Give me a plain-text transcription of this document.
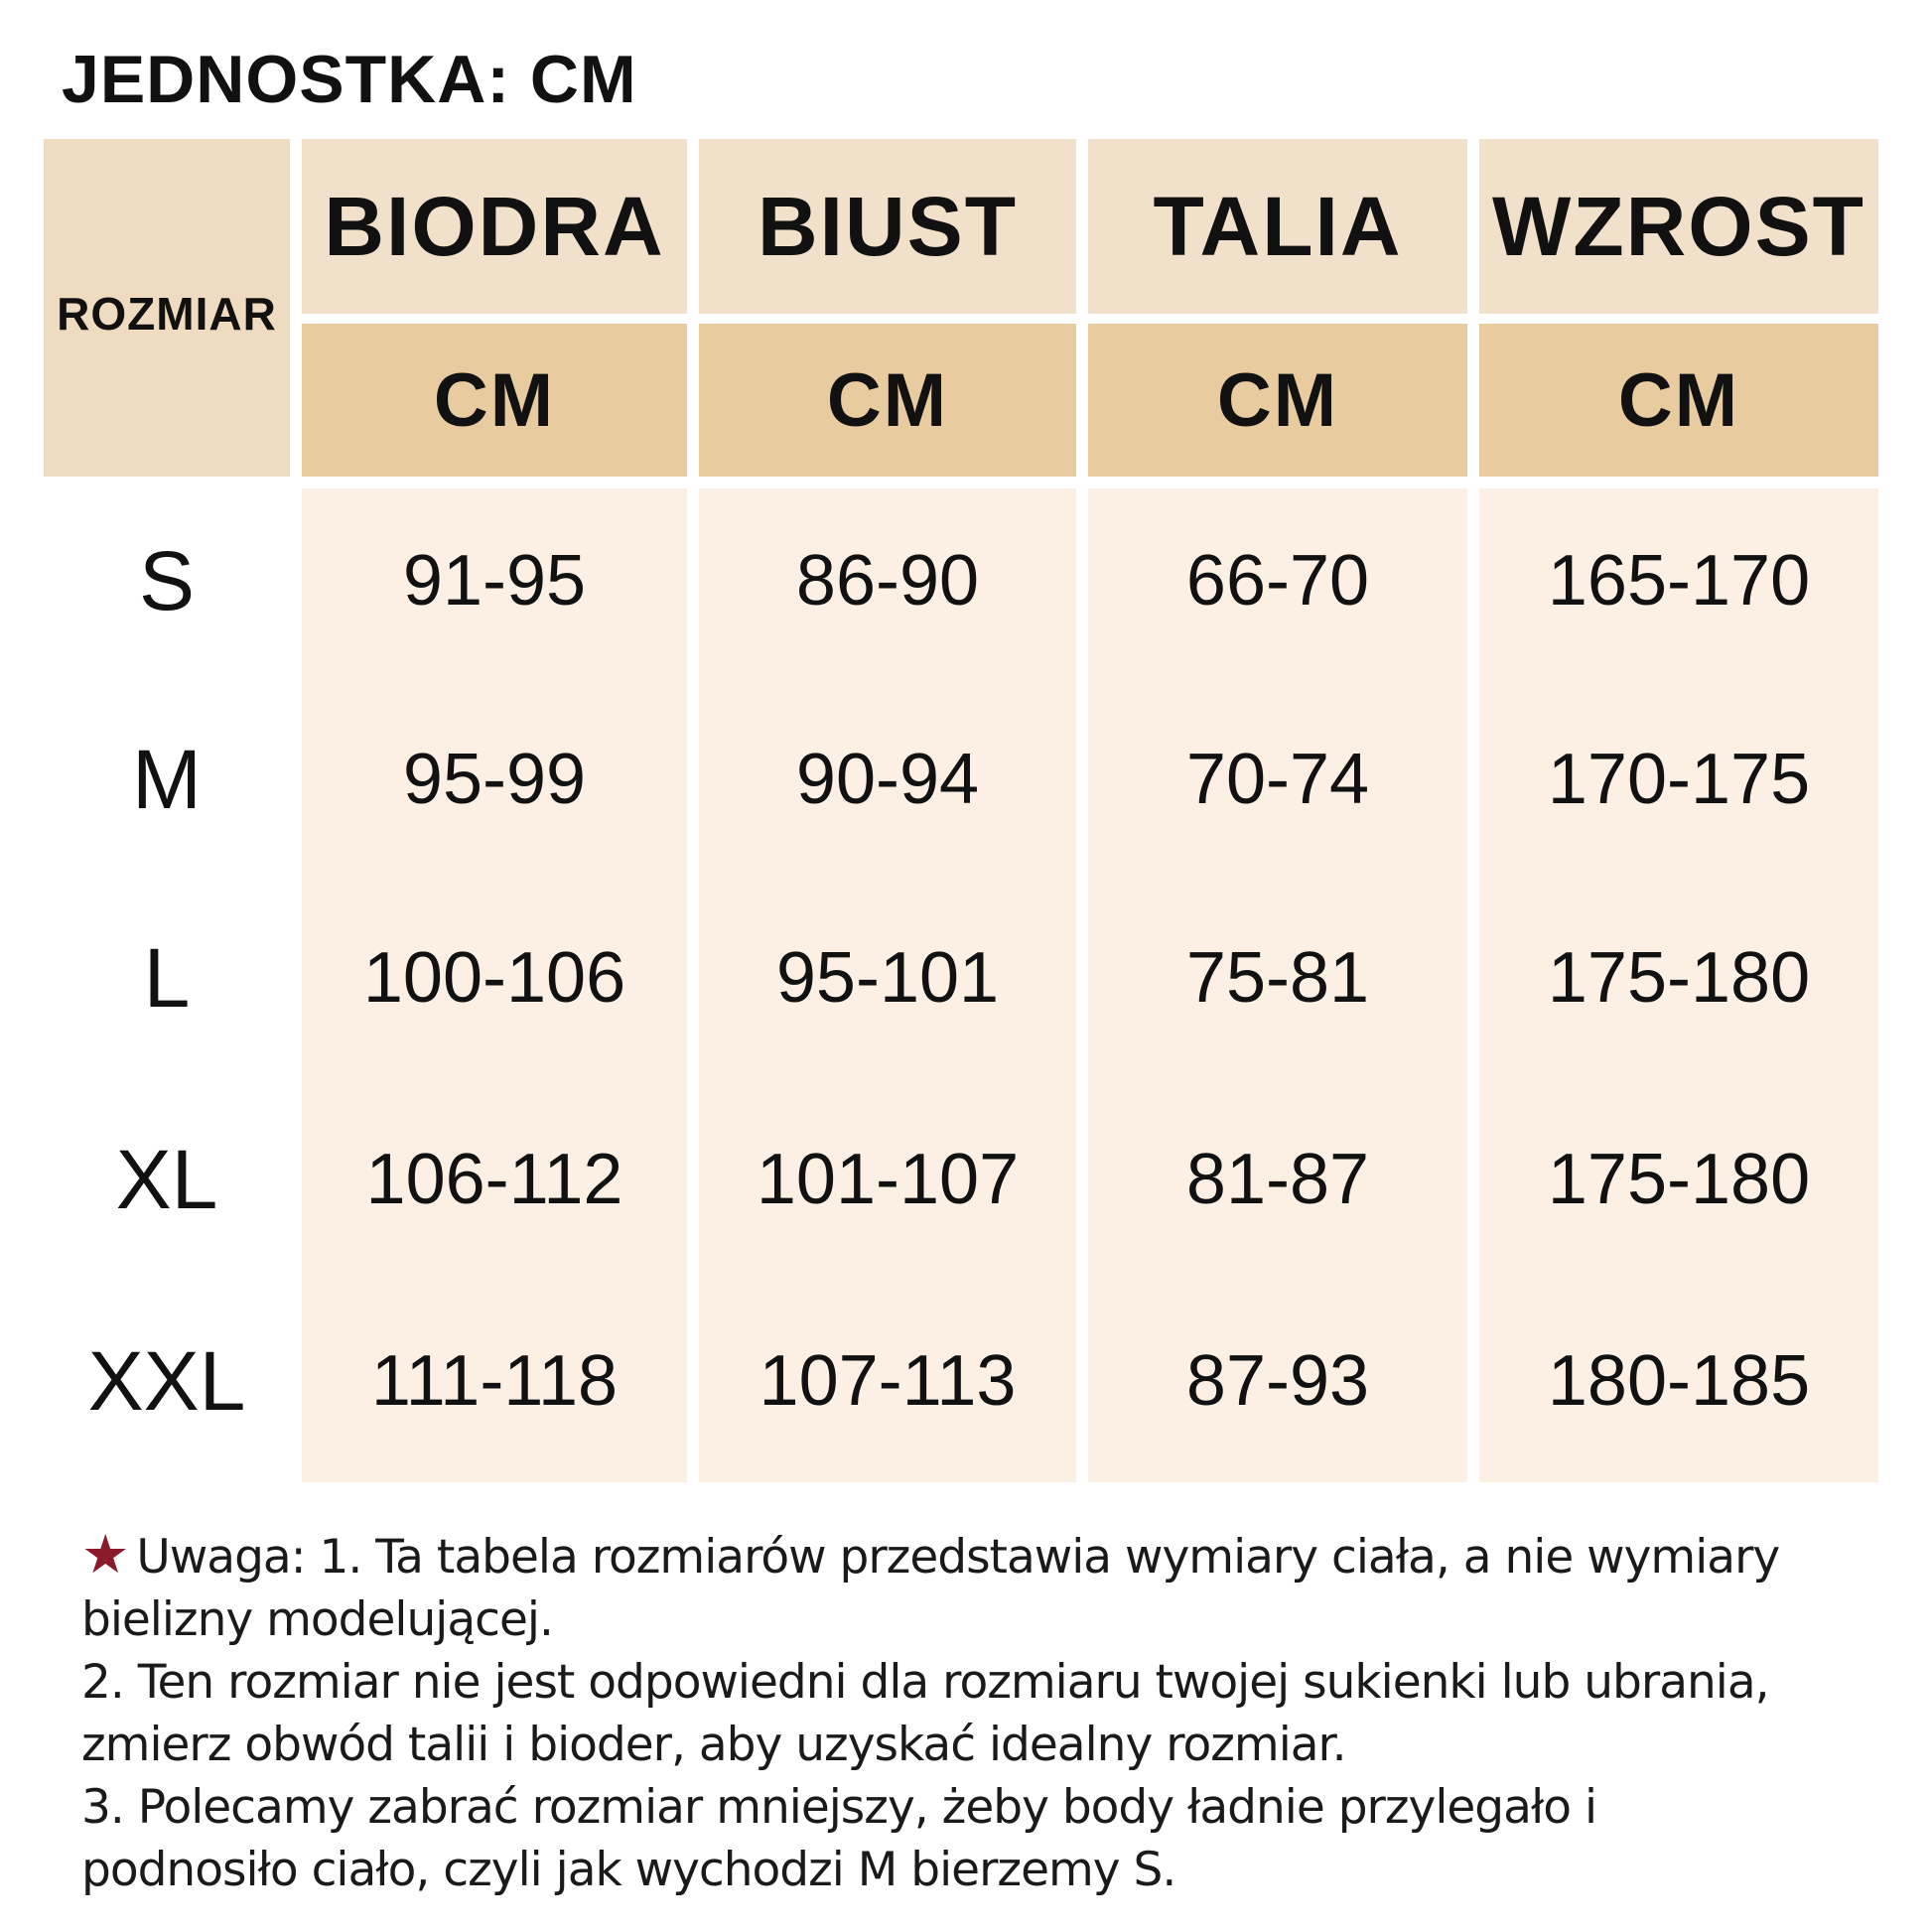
JEDNOSTKA: CM
ROZMIAR
BIODRA	BIUST	TALIA	WZROST
CM	CM	CM	CM
S	91-95	86-90	66-70	165-170
M	95-99	90-94	70-74	170-175
L	100-106	95-101	75-81	175-180
XL	106-112	101-107	81-87	175-180
XXL	111-118	107-113	87-93	180-185
★ Uwaga: 1. Ta tabela rozmiarów przedstawia wymiary ciała, a nie wymiary
bielizny modelującej.
2. Ten rozmiar nie jest odpowiedni dla rozmiaru twojej sukienki lub ubrania,
zmierz obwód talii i bioder, aby uzyskać idealny rozmiar.
3. Polecamy zabrać rozmiar mniejszy, żeby body ładnie przylegało i
podnosiło ciało, czyli jak wychodzi M bierzemy S.
